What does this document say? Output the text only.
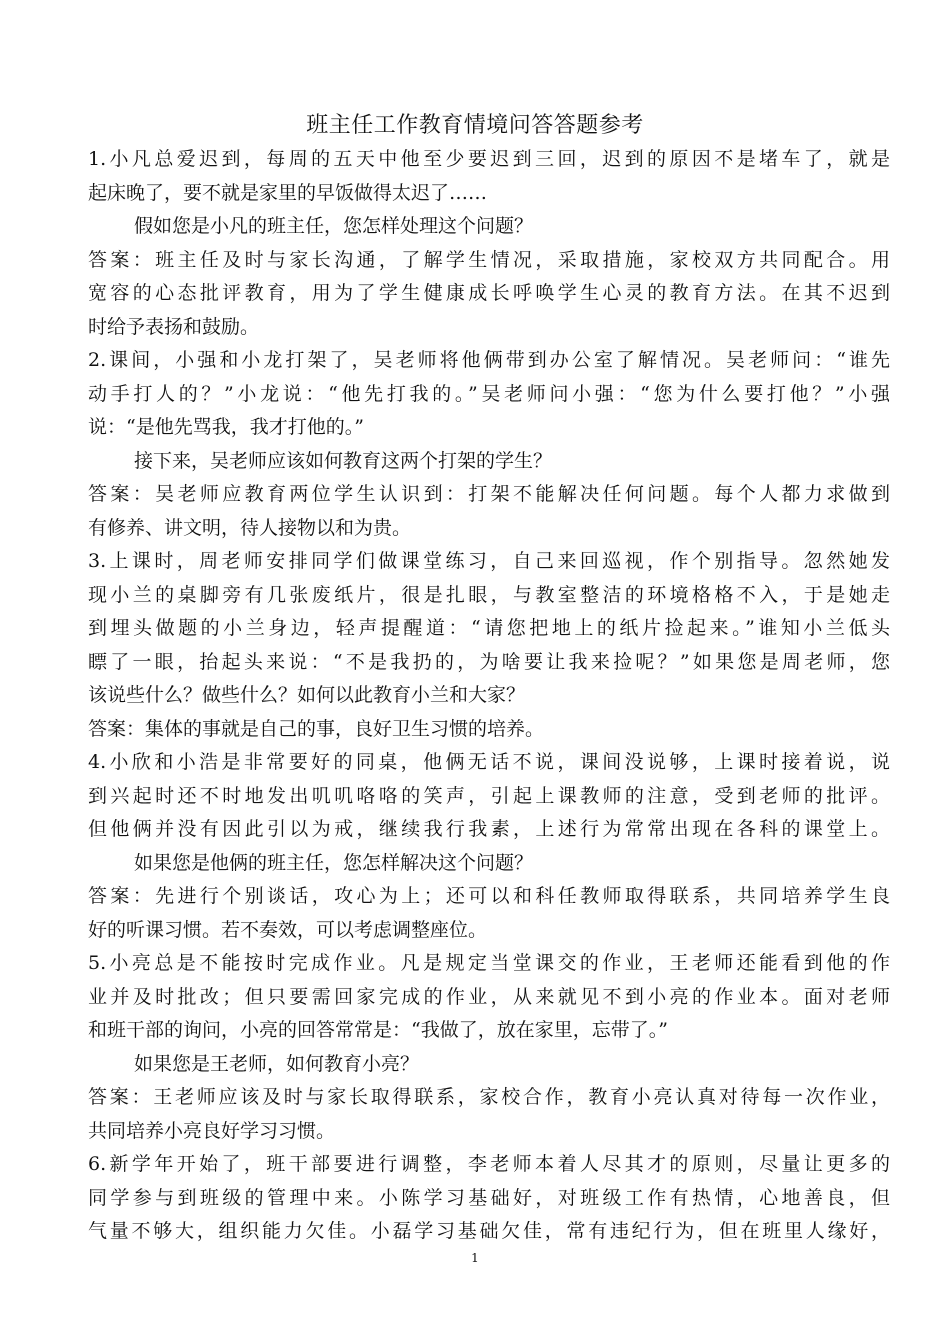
班主任工作教育情境问答答题参考
1.小凡总爱迟到，每周的五天中他至少要迟到三回，迟到的原因不是堵车了，就是
起床晚了，要不就是家里的早饭做得太迟了……
假如您是小凡的班主任，您怎样处理这个问题？
答案：班主任及时与家长沟通，了解学生情况，采取措施，家校双方共同配合。用
宽容的心态批评教育，用为了学生健康成长呼唤学生心灵的教育方法。在其不迟到
时给予表扬和鼓励。
2.课间，小强和小龙打架了，吴老师将他俩带到办公室了解情况。吴老师问：“谁先
动手打人的？”小龙说：“他先打我的。”吴老师问小强：“您为什么要打他？”小强
说：“是他先骂我，我才打他的。”
接下来，吴老师应该如何教育这两个打架的学生？
答案：吴老师应教育两位学生认识到：打架不能解决任何问题。每个人都力求做到
有修养、讲文明，待人接物以和为贵。
3.上课时，周老师安排同学们做课堂练习，自己来回巡视，作个别指导。忽然她发
现小兰的桌脚旁有几张废纸片，很是扎眼，与教室整洁的环境格格不入，于是她走
到埋头做题的小兰身边，轻声提醒道：“请您把地上的纸片捡起来。”谁知小兰低头
瞟了一眼，抬起头来说：“不是我扔的，为啥要让我来捡呢？”如果您是周老师，您
该说些什么？做些什么？如何以此教育小兰和大家？
答案：集体的事就是自己的事，良好卫生习惯的培养。
4.小欣和小浩是非常要好的同桌，他俩无话不说，课间没说够，上课时接着说，说
到兴起时还不时地发出叽叽咯咯的笑声，引起上课教师的注意，受到老师的批评。
但他俩并没有因此引以为戒，继续我行我素，上述行为常常出现在各科的课堂上。
如果您是他俩的班主任，您怎样解决这个问题？
答案：先进行个别谈话，攻心为上；还可以和科任教师取得联系，共同培养学生良
好的听课习惯。若不奏效，可以考虑调整座位。
5.小亮总是不能按时完成作业。凡是规定当堂课交的作业，王老师还能看到他的作
业并及时批改；但只要需回家完成的作业，从来就见不到小亮的作业本。面对老师
和班干部的询问，小亮的回答常常是：“我做了，放在家里，忘带了。”
如果您是王老师，如何教育小亮？
答案：王老师应该及时与家长取得联系，家校合作，教育小亮认真对待每一次作业，
共同培养小亮良好学习习惯。
6.新学年开始了，班干部要进行调整，李老师本着人尽其才的原则，尽量让更多的
同学参与到班级的管理中来。小陈学习基础好，对班级工作有热情，心地善良，但
气量不够大，组织能力欠佳。小磊学习基础欠佳，常有违纪行为，但在班里人缘好，
1
